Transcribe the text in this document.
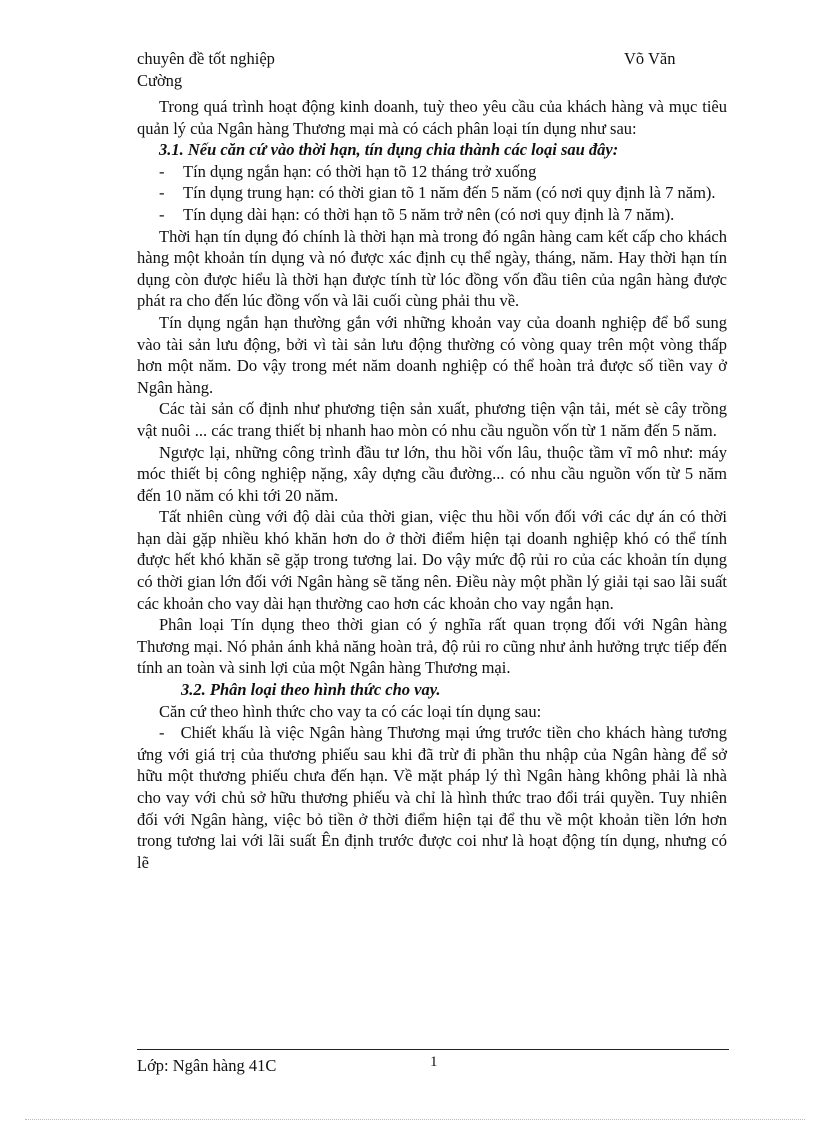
chuyên đề tốt nghiệp	Võ Văn
Cường

Trong quá trình hoạt động kinh doanh, tuỳ theo yêu cầu của khách hàng và mục tiêu quản lý của Ngân hàng Thương mại mà có cách phân loại tín dụng như sau:

3.1. Nếu căn cứ vào thời hạn, tín dụng chia thành các loại sau đây:
- Tín dụng ngắn hạn: có thời hạn tõ 12 tháng trở xuống
- Tín dụng trung hạn: có thời gian tõ 1 năm đến 5 năm (có nơi quy định là 7 năm).
- Tín dụng dài hạn: có thời hạn tõ 5 năm trở nên (có nơi quy định là 7 năm).

Thời hạn tín dụng đó chính là thời hạn mà trong đó ngân hàng cam kết cấp cho khách hàng một khoản tín dụng và nó được xác định cụ thể ngày, tháng, năm. Hay thời hạn tín dụng còn được hiểu là thời hạn được tính từ lóc đồng vốn đầu tiên của ngân hàng được phát ra cho đến lúc đồng vốn và lãi cuối cùng phải thu về.

Tín dụng ngắn hạn thường gắn với những khoản vay của doanh nghiệp để bổ sung vào tài sản lưu động, bởi vì tài sản lưu động thường có vòng quay trên một vòng thấp hơn một năm. Do vậy trong mét năm doanh nghiệp có thể hoàn trả được số tiền vay ở Ngân hàng.

Các tài sản cố định như phương tiện sản xuất, phương tiện vận tải, mét sè cây trồng vật nuôi ... các trang thiết bị nhanh hao mòn có nhu cầu nguồn vốn từ 1 năm đến 5 năm.

Ngược lại, những công trình đầu tư lớn, thu hồi vốn lâu, thuộc tầm vĩ mô như: máy móc thiết bị công nghiệp nặng, xây dựng cầu đường... có nhu cầu nguồn vốn từ 5 năm đến 10 năm có khi tới 20 năm.

Tất nhiên cùng với độ dài của thời gian, việc thu hồi vốn đối với các dự án có thời hạn dài gặp nhiều khó khăn hơn do ở thời điểm hiện tại doanh nghiệp khó có thể tính được hết khó khăn sẽ gặp trong tương lai. Do vậy mức độ rủi ro của các khoản tín dụng có thời gian lớn đối với Ngân hàng sẽ tăng nên. Điều này một phần lý giải tại sao lãi suất các khoản cho vay dài hạn thường cao hơn các khoản cho vay ngắn hạn.

Phân loại Tín dụng theo thời gian có ý nghĩa rất quan trọng đối với Ngân hàng Thương mại. Nó phản ánh khả năng hoàn trả, độ rủi ro cũng như ảnh hưởng trực tiếp đến tính an toàn và sinh lợi của một Ngân hàng Thương mại.

3.2. Phân loại theo hình thức cho vay.

Căn cứ theo hình thức cho vay ta có các loại tín dụng sau:

-   Chiết khấu là việc Ngân hàng Thương mại ứng trước tiền cho khách hàng tương ứng với giá trị của thương phiếu sau khi đã trừ đi phần thu nhập của Ngân hàng để sở hữu một thương phiếu chưa đến hạn. Về mặt pháp lý thì Ngân hàng không phải là nhà cho vay với chủ sở hữu thương phiếu và chỉ là hình thức trao đổi trái quyền. Tuy nhiên đối với Ngân hàng, việc bỏ tiền ở thời điểm hiện tại để thu về một khoản tiền lớn hơn trong tương lai với lãi suất Ên định trước được coi như là hoạt động tín dụng, nhưng có lẽ

Lớp: Ngân hàng 41C	1
